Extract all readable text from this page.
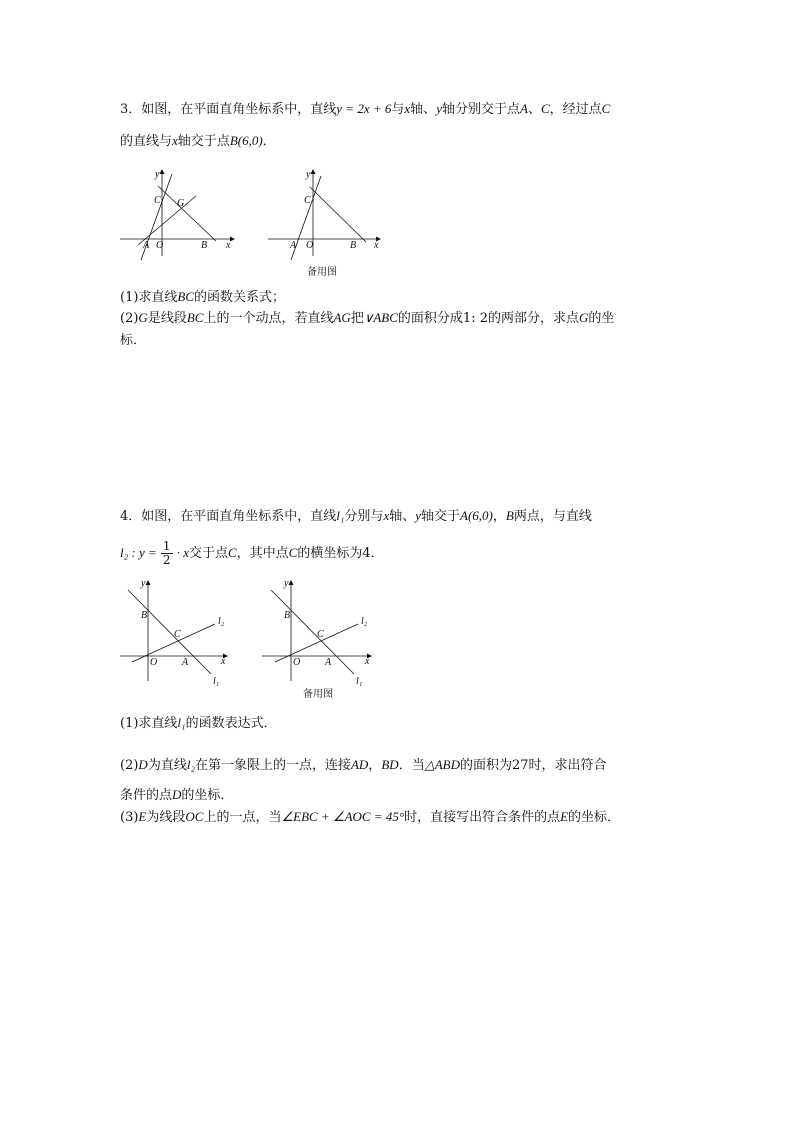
3．如图，在平面直角坐标系中，直线y = 2x + 6与x轴、y轴分别交于点A、C，经过点C
的直线与x轴交于点B(6,0)．
y
C G
A O	B x
y
C
A O	B x
备用图
(1)求直线BC的函数关系式；
(2)G是线段BC上的一个动点，若直线AG把∨ABC的面积分成1: 2的两部分，求点G的坐
标．
4．如图，在平面直角坐标系中，直线l₁分别与x轴、y轴交于A(6,0)，B两点，与直线
l₂ : $y = \frac{1}{2} \cdot x$交于点C，其中点C的横坐标为4．
y
B
C
l₂
O A	x
l₁
y
B
C
l₂
O A	x
l₁
备用图
(1)求直线l₁的函数表达式．
(2)D为直线l₂在第一象限上的一点，连接AD，BD．当△ABD的面积为27时，求出符合
条件的点D的坐标．
(3)E为线段OC上的一点，当∠EBC + ∠AOC = 45°时，直接写出符合条件的点E的坐标．
